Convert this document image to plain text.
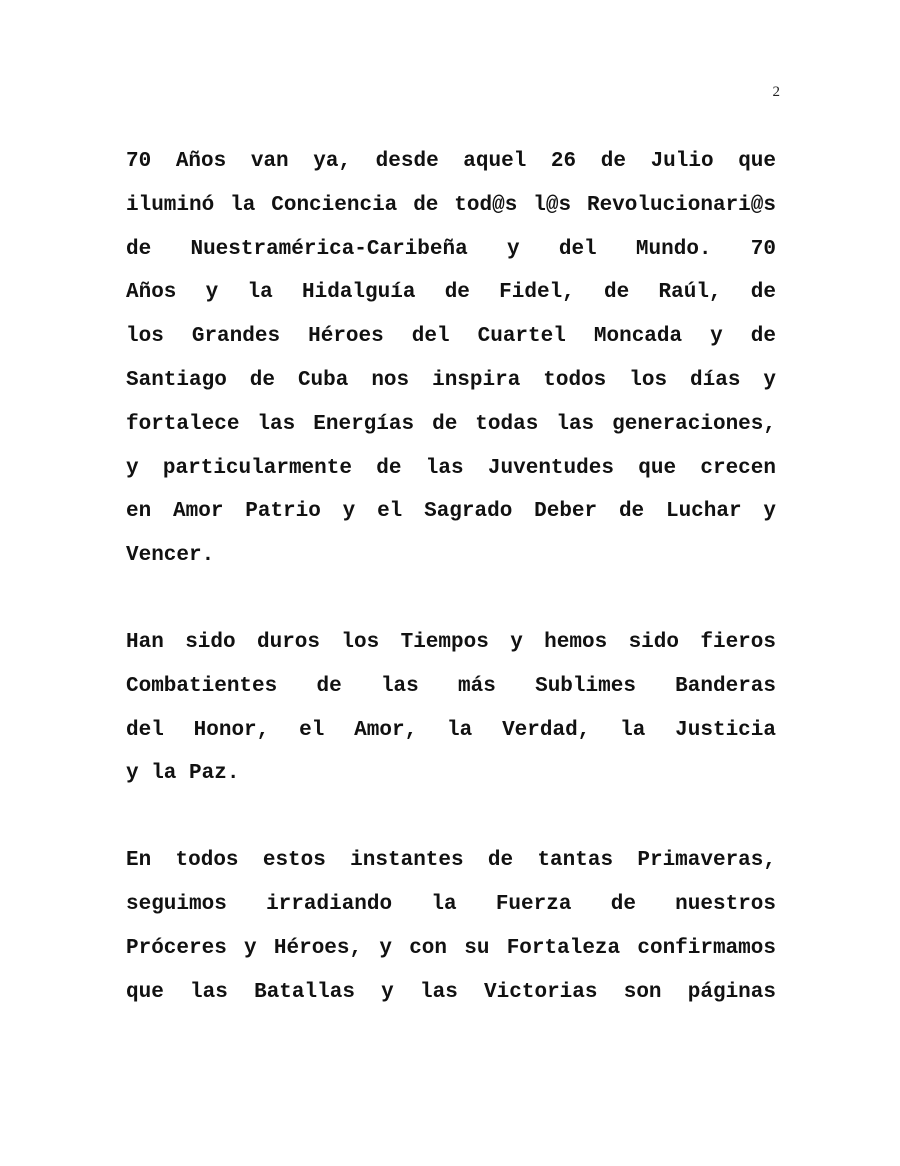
2

70 Años van ya, desde aquel 26 de Julio que
iluminó la Conciencia de tod@s l@s Revolucionari@s
de Nuestramérica-Caribeña y del Mundo. 70
Años y la Hidalguía de Fidel, de Raúl, de
los Grandes Héroes del Cuartel Moncada y de
Santiago de Cuba nos inspira todos los días y
fortalece las Energías de todas las generaciones,
y particularmente de las Juventudes que crecen
en Amor Patrio y el Sagrado Deber de Luchar y
Vencer.

Han sido duros los Tiempos y hemos sido fieros
Combatientes de las más Sublimes Banderas
del Honor, el Amor, la Verdad, la Justicia
y la Paz.

En todos estos instantes de tantas Primaveras,
seguimos irradiando la Fuerza de nuestros
Próceres y Héroes, y con su Fortaleza confirmamos
que las Batallas y las Victorias son páginas
